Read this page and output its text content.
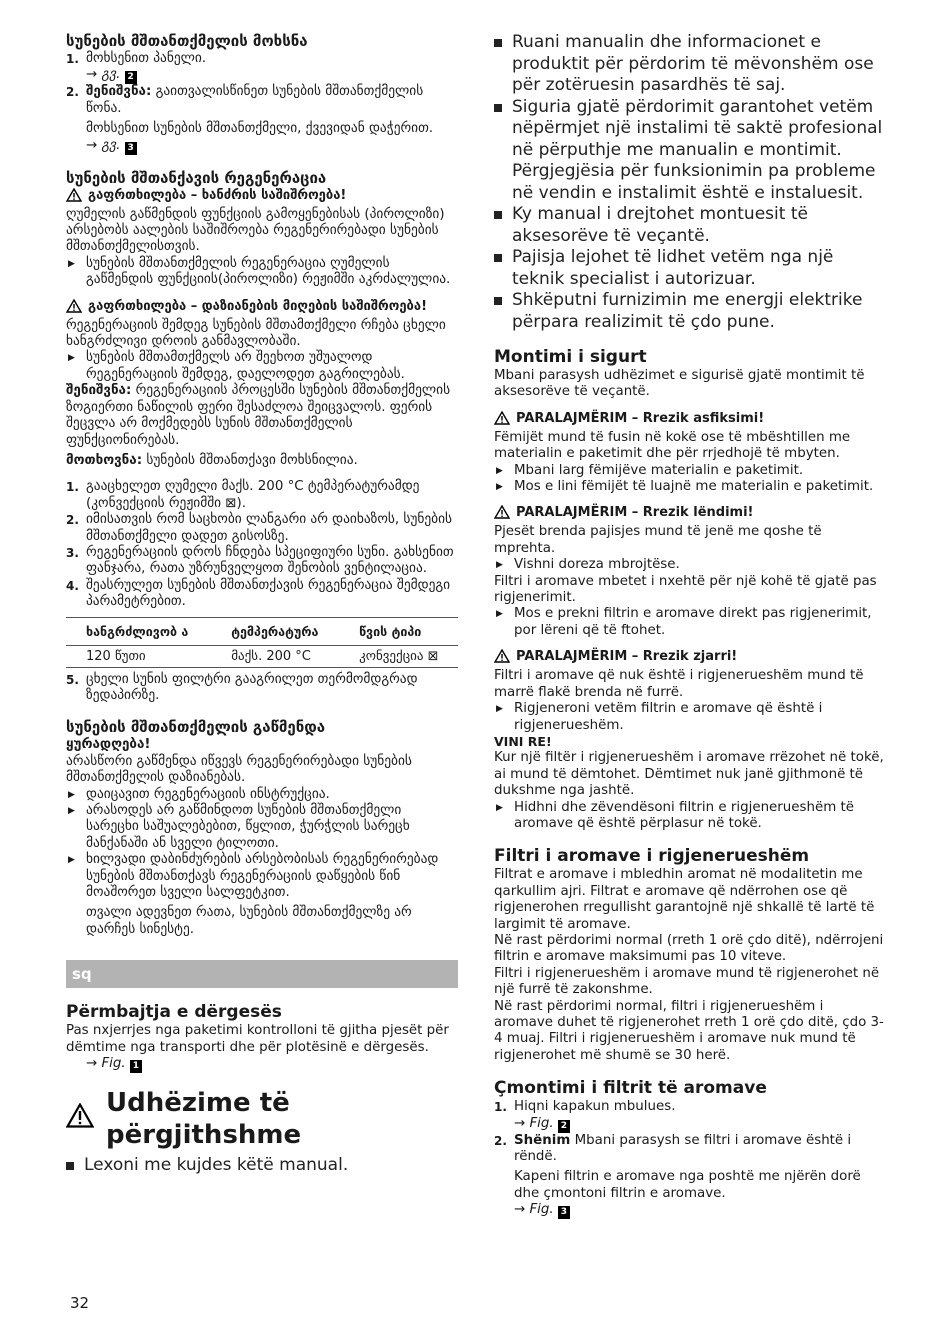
სუნების მშთანთქმელის მოხსნა

1. მოხსენით პანელი.
→ გვ. 2
2. შენიშვნა: გაითვალისწინეთ სუნების მშთანთქმელის წონა.
მოხსენით სუნების მშთანთქმელი, ქვევიდან დაჭერით.
→ გვ. 3

სუნების მშთანქავის რეგენერაცია

გაფრთხილება – ხანძრის საშიშროება!

ღუმელის გაწმენდის ფუნქციის გამოყენებისას (პიროლიზი) არსებობს აალების საშიშროება რეგენერირებადი სუნების მშთანთქმელისთვის.

▶ სუნების მშთანთქმელის რეგენერაცია ღუმელის გაწმენდის ფუნქციის(პიროლიზი) რეჟიმში აკრძალულია.
გაფრთხილება – დაზიანების მიღების საშიშროება!

რეგენერაციის შემდეგ სუნების მშთამთქმელი რჩება ცხელი ხანგრძლივი დროის განმავლობაში.

▶ სუნების მშთამთქმელს არ შეეხოთ უშუალოდ რეგენერაციის შემდეგ, დაელოდეთ გაგრილებას.

შენიშვნა: რეგენერაციის პროცესში სუნების მშთანთქმელის ზოგიერთი ნაწილის ფერი შესაძლოა შეიცვალოს. ფერის შეცვლა არ მოქმედებს სუნის მშთანთქმელის ფუნქციონირებას.

მოთხოვნა: სუნების მშთანთქავი მოხსნილია.

1. გააცხელეთ ღუმელი მაქს. 200 °C ტემპერატურამდე (კონვექციის რეჟიმში ⊠).
2. იმისათვის რომ საცხობი ლანგარი არ დაიხაზოს, სუნების მშთანთქმელი დადეთ გისოსზე.
3. რეგენერაციის დროს ჩნდება სპეციფიური სუნი. გახსენით ფანჯარა, რათა უზრუნველყოთ შენობის ვენტილაცია.
4. შეასრულეთ სუნების მშთანთქავის რეგენერაცია შემდეგი პარამეტრებით.
ხანგრძლივობ ა	ტემპერატურა	წვის ტიპი
120 წუთი	მაქს. 200 °C	კონვექცია ⊠
5. ცხელი სუნის ფილტრი გააგრილეთ თერმომდგრად ზედაპირზე.

სუნების მშთანთქმელის გაწმენდა

ყურადღება!

არასწორი გაწმენდა იწვევს რეგენერირებადი სუნების მშთანთქმელის დაზიანებას.

▶ დაიცავით რეგენერაციის ინსტრუქცია.
▶ არასოდეს არ გაწმინდოთ სუნების მშთანთქმელი სარეცხი საშუალებებით, წყლით, ჭურჭლის სარეცხ მანქანაში ან სველი ტილოთი.
▶ ხილვადი დაბინძურების არსებობისას რეგენერირებად სუნების მშთანთქავს რეგენერაციის დაწყების წინ მოაშორეთ სველი სალფეტკით.

თვალი ადევნეთ რათა, სუნების მშთანთქმელზე არ დარჩეს სინესტე.

sq

Përmbajtja e dërgesës

Pas nxjerrjes nga paketimi kontrolloni të gjitha pjesët për dëmtime nga transporti dhe për plotësinë e dërgesës.

→ Fig. 1
Udhëzime të përgjithshme
Lexoni me kujdes këtë manual.
32
Ruani manualin dhe informacionet e produktit për përdorim të mëvonshëm ose për zotëruesin pasardhës të saj.
Siguria gjatë përdorimit garantohet vetëm nëpërmjet një instalimi të saktë profesional në përputhje me manualin e montimit. Përgjegjësia për funksionimin pa probleme në vendin e instalimit është e instaluesit.
Ky manual i drejtohet montuesit të aksesorëve të veçantë.
Pajisja lejohet të lidhet vetëm nga një teknik specialist i autorizuar.
Shkëputni furnizimin me energji elektrike përpara realizimit të çdo pune.

Montimi i sigurt

Mbani parasysh udhëzimet e sigurisë gjatë montimit të aksesorëve të veçantë.

PARALAJMËRIM – Rrezik asfiksimi!

Fëmijët mund të fusin në kokë ose të mbështillen me materialin e paketimit dhe për rrjedhojë të mbyten.

▶ Mbani larg fëmijëve materialin e paketimit.
▶ Mos e lini fëmijët të luajnë me materialin e paketimit.
PARALAJMËRIM – Rrezik lëndimi!

Pjesët brenda pajisjes mund të jenë me qoshe të mprehta.

▶ Vishni doreza mbrojtëse.

Filtri i aromave mbetet i nxehtë për një kohë të gjatë pas rigjenerimit.

▶ Mos e prekni filtrin e aromave direkt pas rigjenerimit, por lëreni që të ftohet.
PARALAJMËRIM – Rrezik zjarri!

Filtri i aromave që nuk është i rigjenerueshëm mund të marrë flakë brenda në furrë.

▶ Rigjeneroni vetëm filtrin e aromave që është i rigjenerueshëm.

VINI RE!

Kur një filtër i rigjenerueshëm i aromave rrëzohet në tokë, ai mund të dëmtohet. Dëmtimet nuk janë gjithmonë të dukshme nga jashtë.

▶ Hidhni dhe zëvendësoni filtrin e rigjenerueshëm të aromave që është përplasur në tokë.

Filtri i aromave i rigjenerueshëm

Filtrat e aromave i mbledhin aromat në modalitetin me qarkullim ajri. Filtrat e aromave që ndërrohen ose që rigjenerohen rregullisht garantojnë një shkallë të lartë të largimit të aromave.

Në rast përdorimi normal (rreth 1 orë çdo ditë), ndërrojeni filtrin e aromave maksimumi pas 10 viteve.

Filtri i rigjenerueshëm i aromave mund të rigjenerohet në një furrë të zakonshme.

Në rast përdorimi normal, filtri i rigjenerueshëm i aromave duhet të rigjenerohet rreth 1 orë çdo ditë, çdo 3-4 muaj. Filtri i rigjenerueshëm i aromave nuk mund të rigjenerohet më shumë se 30 herë.

Çmontimi i filtrit të aromave

1. Hiqni kapakun mbulues.
→ Fig. 2
2. Shënim Mbani parasysh se filtri i aromave është i rëndë.
Kapeni filtrin e aromave nga poshtë me njërën dorë dhe çmontoni filtrin e aromave.
→ Fig. 3
